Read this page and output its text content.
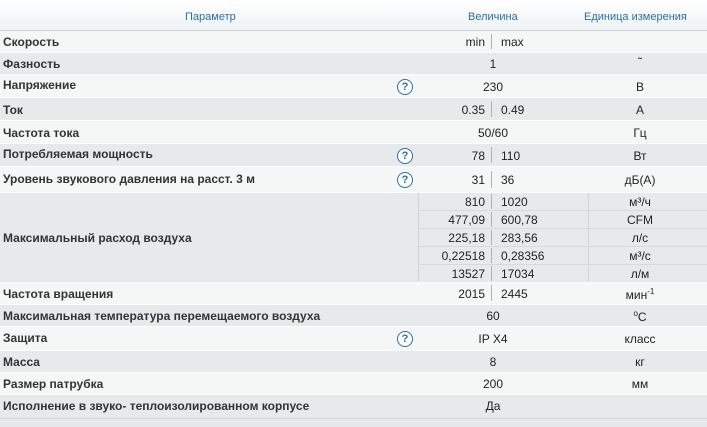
Параметр	Величина	Единица измерения
Скорость	min max
Фазность	1	˜
Напряжение	?	230	В
Ток	0.35 0.49	А
Частота тока	50/60	Гц
Потребляемая мощность	?	78 110	Вт
Уровень звукового давления на расст. 3 м	?	31 36	дБ(А)
Максимальный расход воздуха
810 1020	м³/ч
477,09 600,78	CFM
225,18 283,56	л/с
0,22518 0,28356	м³/с
13527 17034	л/м
Частота вращения	2015 2445	мин$^{-1}$
Максимальная температура перемещаемого воздуха	60	$^o$C
Защита	?	IP X4	класс
Масса	8	кг
Размер патрубка	200	мм
Исполнение в звуко- теплоизолированном корпусе	Да
